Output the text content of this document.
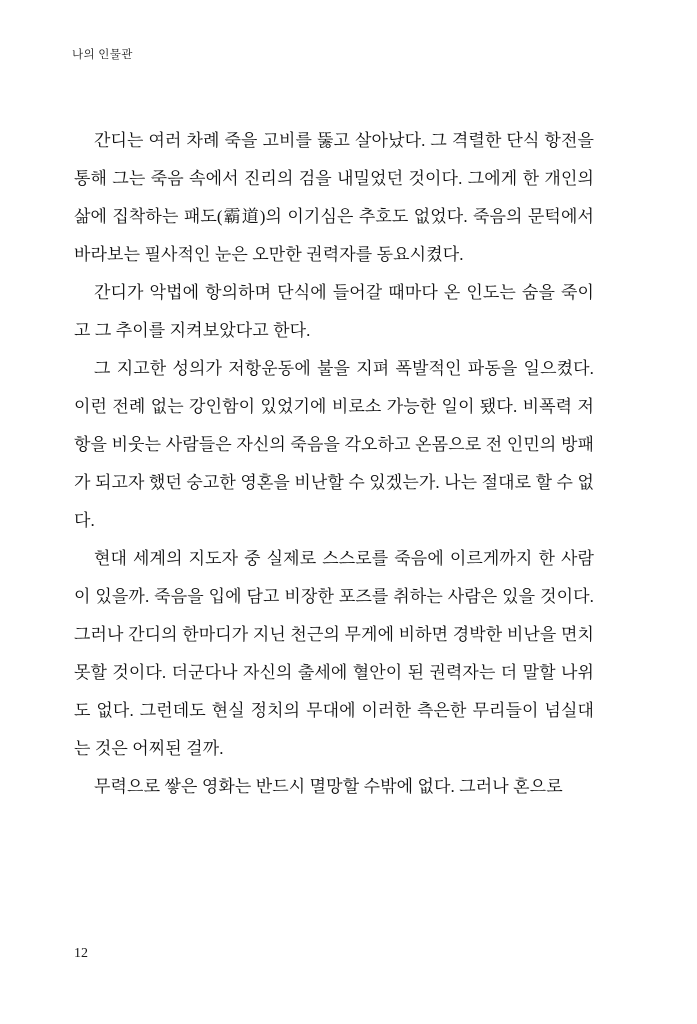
나의 인물관

간디는 여러 차례 죽을 고비를 뚫고 살아났다. 그 격렬한 단식 항전을 통해 그는 죽음 속에서 진리의 검을 내밀었던 것이다. 그에게 한 개인의 삶에 집착하는 패도(霸道)의 이기심은 추호도 없었다. 죽음의 문턱에서 바라보는 필사적인 눈은 오만한 권력자를 동요시켰다.

간디가 악법에 항의하며 단식에 들어갈 때마다 온 인도는 숨을 죽이고 그 추이를 지켜보았다고 한다.

그 지고한 성의가 저항운동에 불을 지펴 폭발적인 파동을 일으켰다. 이런 전례 없는 강인함이 있었기에 비로소 가능한 일이 됐다. 비폭력 저항을 비웃는 사람들은 자신의 죽음을 각오하고 온몸으로 전 인민의 방패가 되고자 했던 숭고한 영혼을 비난할 수 있겠는가. 나는 절대로 할 수 없다.

현대 세계의 지도자 중 실제로 스스로를 죽음에 이르게까지 한 사람이 있을까. 죽음을 입에 담고 비장한 포즈를 취하는 사람은 있을 것이다. 그러나 간디의 한마디가 지닌 천근의 무게에 비하면 경박한 비난을 면치 못할 것이다. 더군다나 자신의 출세에 혈안이 된 권력자는 더 말할 나위도 없다. 그런데도 현실 정치의 무대에 이러한 측은한 무리들이 넘실대는 것은 어찌된 걸까.

무력으로 쌓은 영화는 반드시 멸망할 수밖에 없다. 그러나 혼으로

12
